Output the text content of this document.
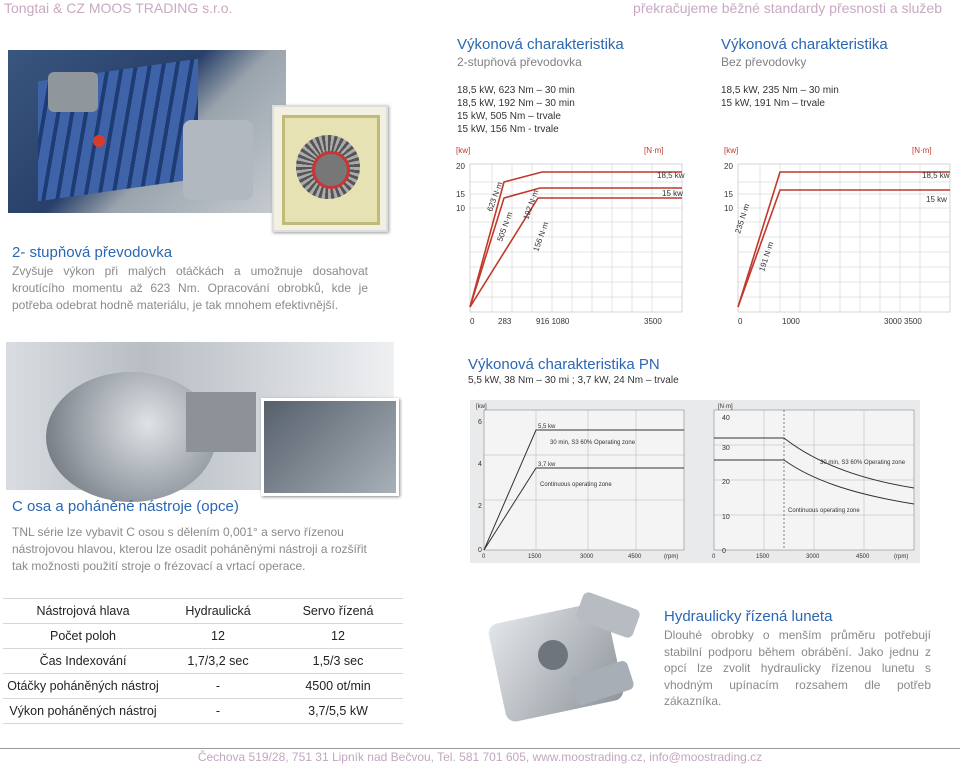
Tongtai & CZ MOOS TRADING s.r.o.	překračujeme běžné standardy přesnosti a služeb
Výkonová charakteristika
2-stupňová převodovka
18,5 kW, 623 Nm – 30 min
18,5 kW, 192 Nm – 30 min
15 kW, 505 Nm – trvale
15 kW, 156 Nm - trvale
Výkonová charakteristika
Bez převodovky
18,5 kW, 235 Nm – 30 min
15 kW, 191 Nm – trvale
[kw]	[N·m]
20
15
10
18,5 kw
15 kw
623 N·m
505 N·m
192 N·m
156 N·m
0	283	916 1080	3500
[kw]	[N·m]
20
15
10
18,5 kw
15 kw
235 N·m
191 N·m
0	1000	3000 3500
2- stupňová převodovka
Zvyšuje výkon při malých otáčkách a umožnuje dosahovat kroutícího momentu až 623 Nm. Opracování obrobků, kde je potřeba odebrat hodně materiálu, je tak mnohem efektivnější.
Výkonová charakteristika PN
5,5 kW, 38 Nm – 30 mi ; 3,7 kW, 24 Nm – trvale
[kw]
6
4
2
0
5,5 kw
3,7 kw
30 min, S3 60% Operating zone
Continuous operating zone
0	1500	3000	4500	(rpm)
[N·m]
40
30
20
10
0
30 min, S3 60% Operating zone
Continuous operating zone
0	1500	3000	4500	(rpm)
C osa a poháněné nástroje (opce)
TNL série lze vybavit C osou s dělením 0,001° a servo řízenou nástrojovou hlavou, kterou lze osadit poháněnými nástroji a rozšířit tak možnosti použití stroje o frézovací a vrtací operace.
Nástrojová hlava	Hydraulická	Servo řízená
Počet poloh	12	12
Čas Indexování	1,7/3,2 sec	1,5/3 sec
Otáčky poháněných nástroj	-	4500 ot/min
Výkon poháněných nástroj	-	3,7/5,5 kW
Hydraulicky řízená luneta
Dlouhé obrobky o menším průměru potřebují stabilní podporu během obrábění. Jako jednu z opcí lze zvolit hydraulicky řízenou lunetu s vhodným upínacím rozsahem dle potřeb zákazníka.
Čechova 519/28, 751 31 Lipník nad Bečvou, Tel. 581 701 605, www.moostrading.cz, info@moostrading.cz
